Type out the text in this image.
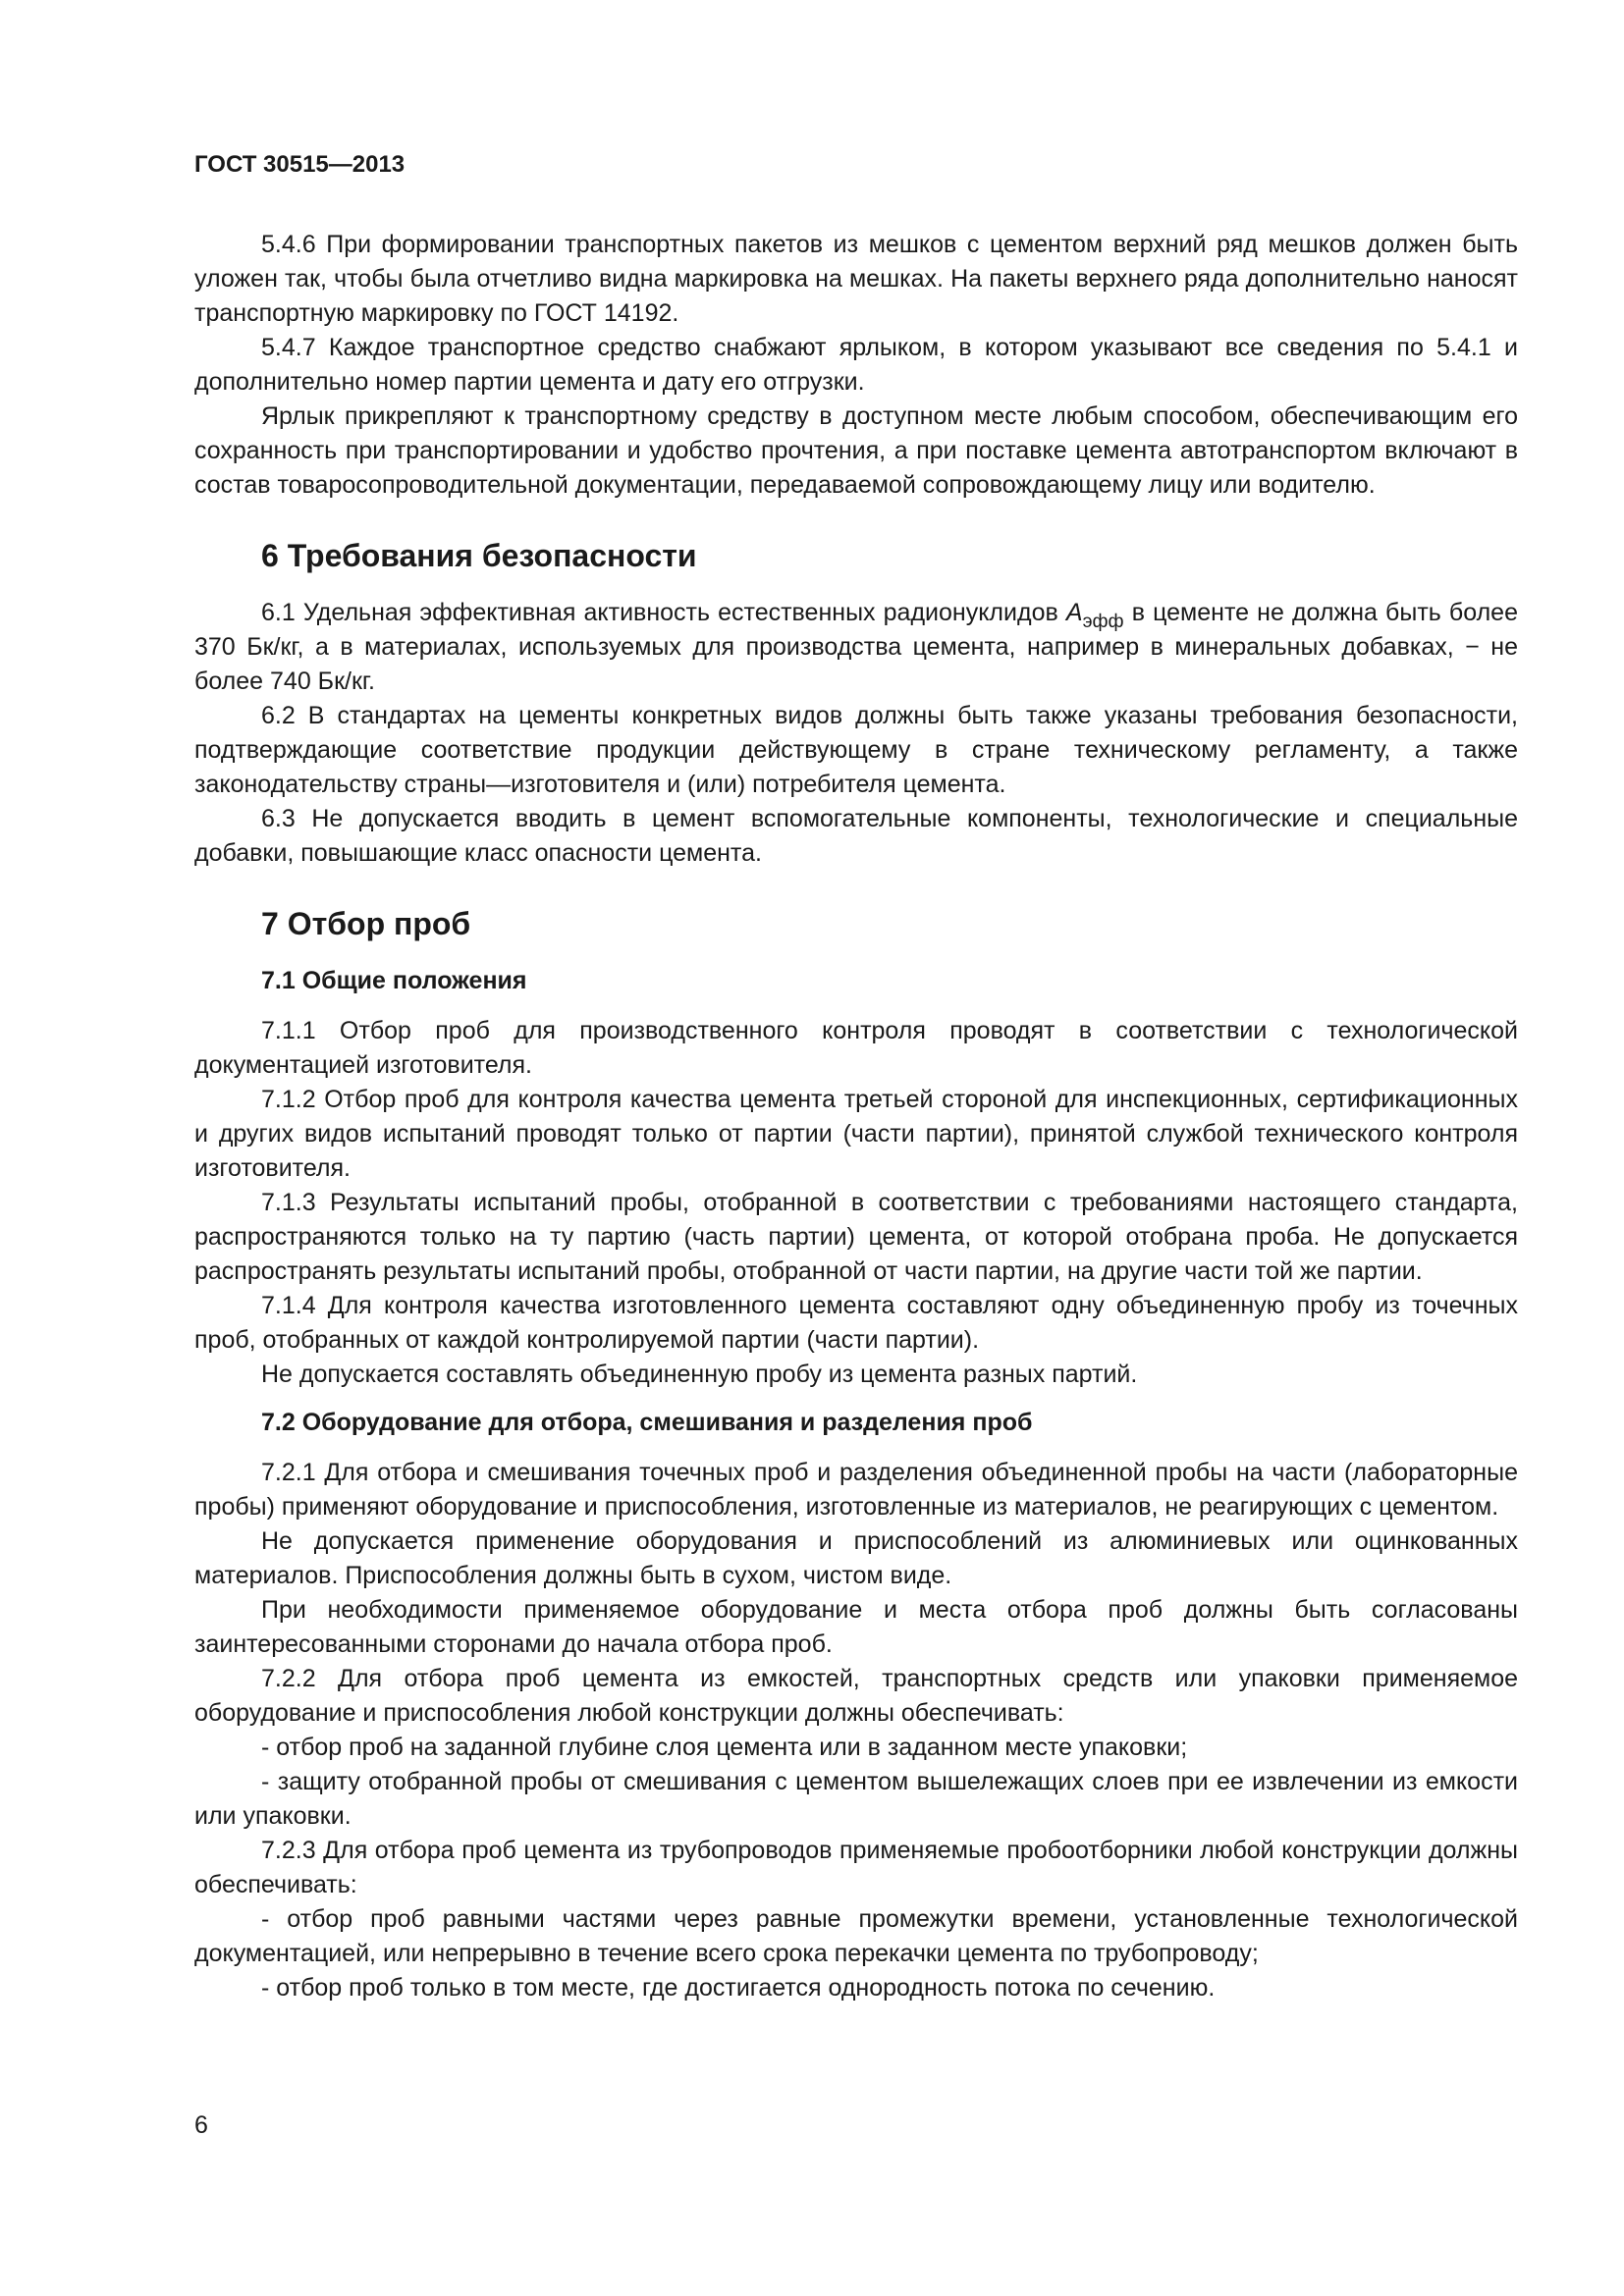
ГОСТ 30515—2013

5.4.6 При формировании транспортных пакетов из мешков с цементом верхний ряд мешков должен быть уложен так, чтобы была отчетливо видна маркировка на мешках. На пакеты верхнего ряда дополнительно наносят транспортную маркировку по ГОСТ 14192.

5.4.7 Каждое транспортное средство снабжают ярлыком, в котором указывают все сведения по 5.4.1 и дополнительно номер партии цемента и дату его отгрузки.

Ярлык прикрепляют к транспортному средству в доступном месте любым способом, обеспечивающим его сохранность при транспортировании и удобство прочтения, а при поставке цемента автотранспортом включают в состав товаросопроводительной документации, передаваемой сопровождающему лицу или водителю.

6 Требования безопасности

6.1 Удельная эффективная активность естественных радионуклидов $A_{эфф}$ в цементе не должна быть более 370 Бк/кг, а в материалах, используемых для производства цемента, например в минеральных добавках, − не более 740 Бк/кг.

6.2 В стандартах на цементы конкретных видов должны быть также указаны требования безопасности, подтверждающие соответствие продукции действующему в стране техническому регламенту, а также законодательству страны—изготовителя и (или) потребителя цемента.

6.3 Не допускается вводить в цемент вспомогательные компоненты, технологические и специальные добавки, повышающие класс опасности цемента.

7 Отбор проб
7.1 Общие положения

7.1.1 Отбор проб для производственного контроля проводят в соответствии с технологической документацией изготовителя.

7.1.2 Отбор проб для контроля качества цемента третьей стороной для инспекционных, сертификационных и других видов испытаний проводят только от партии (части партии), принятой службой технического контроля изготовителя.

7.1.3 Результаты испытаний пробы, отобранной в соответствии с требованиями настоящего стандарта, распространяются только на ту партию (часть партии) цемента, от которой отобрана проба. Не допускается распространять результаты испытаний пробы, отобранной от части партии, на другие части той же партии.

7.1.4 Для контроля качества изготовленного цемента составляют одну объединенную пробу из точечных проб, отобранных от каждой контролируемой партии (части партии).

Не допускается составлять объединенную пробу из цемента разных партий.

7.2 Оборудование для отбора, смешивания и разделения проб

7.2.1 Для отбора и смешивания точечных проб и разделения объединенной пробы на части (лабораторные пробы) применяют оборудование и приспособления, изготовленные из материалов, не реагирующих с цементом.

Не допускается применение оборудования и приспособлений из алюминиевых или оцинкованных материалов. Приспособления должны быть в сухом, чистом виде.

При необходимости применяемое оборудование и места отбора проб должны быть согласованы заинтересованными сторонами до начала отбора проб.

7.2.2 Для отбора проб цемента из емкостей, транспортных средств или упаковки применяемое оборудование и приспособления любой конструкции должны обеспечивать:

- отбор проб на заданной глубине слоя цемента или в заданном месте упаковки;

- защиту отобранной пробы от смешивания с цементом вышележащих слоев при ее извлечении из емкости или упаковки.

7.2.3 Для отбора проб цемента из трубопроводов применяемые пробоотборники любой конструкции должны обеспечивать:

- отбор проб равными частями через равные промежутки времени, установленные технологической документацией, или непрерывно в течение всего срока перекачки цемента по трубопроводу;

- отбор проб только в том месте, где достигается однородность потока по сечению.

6
